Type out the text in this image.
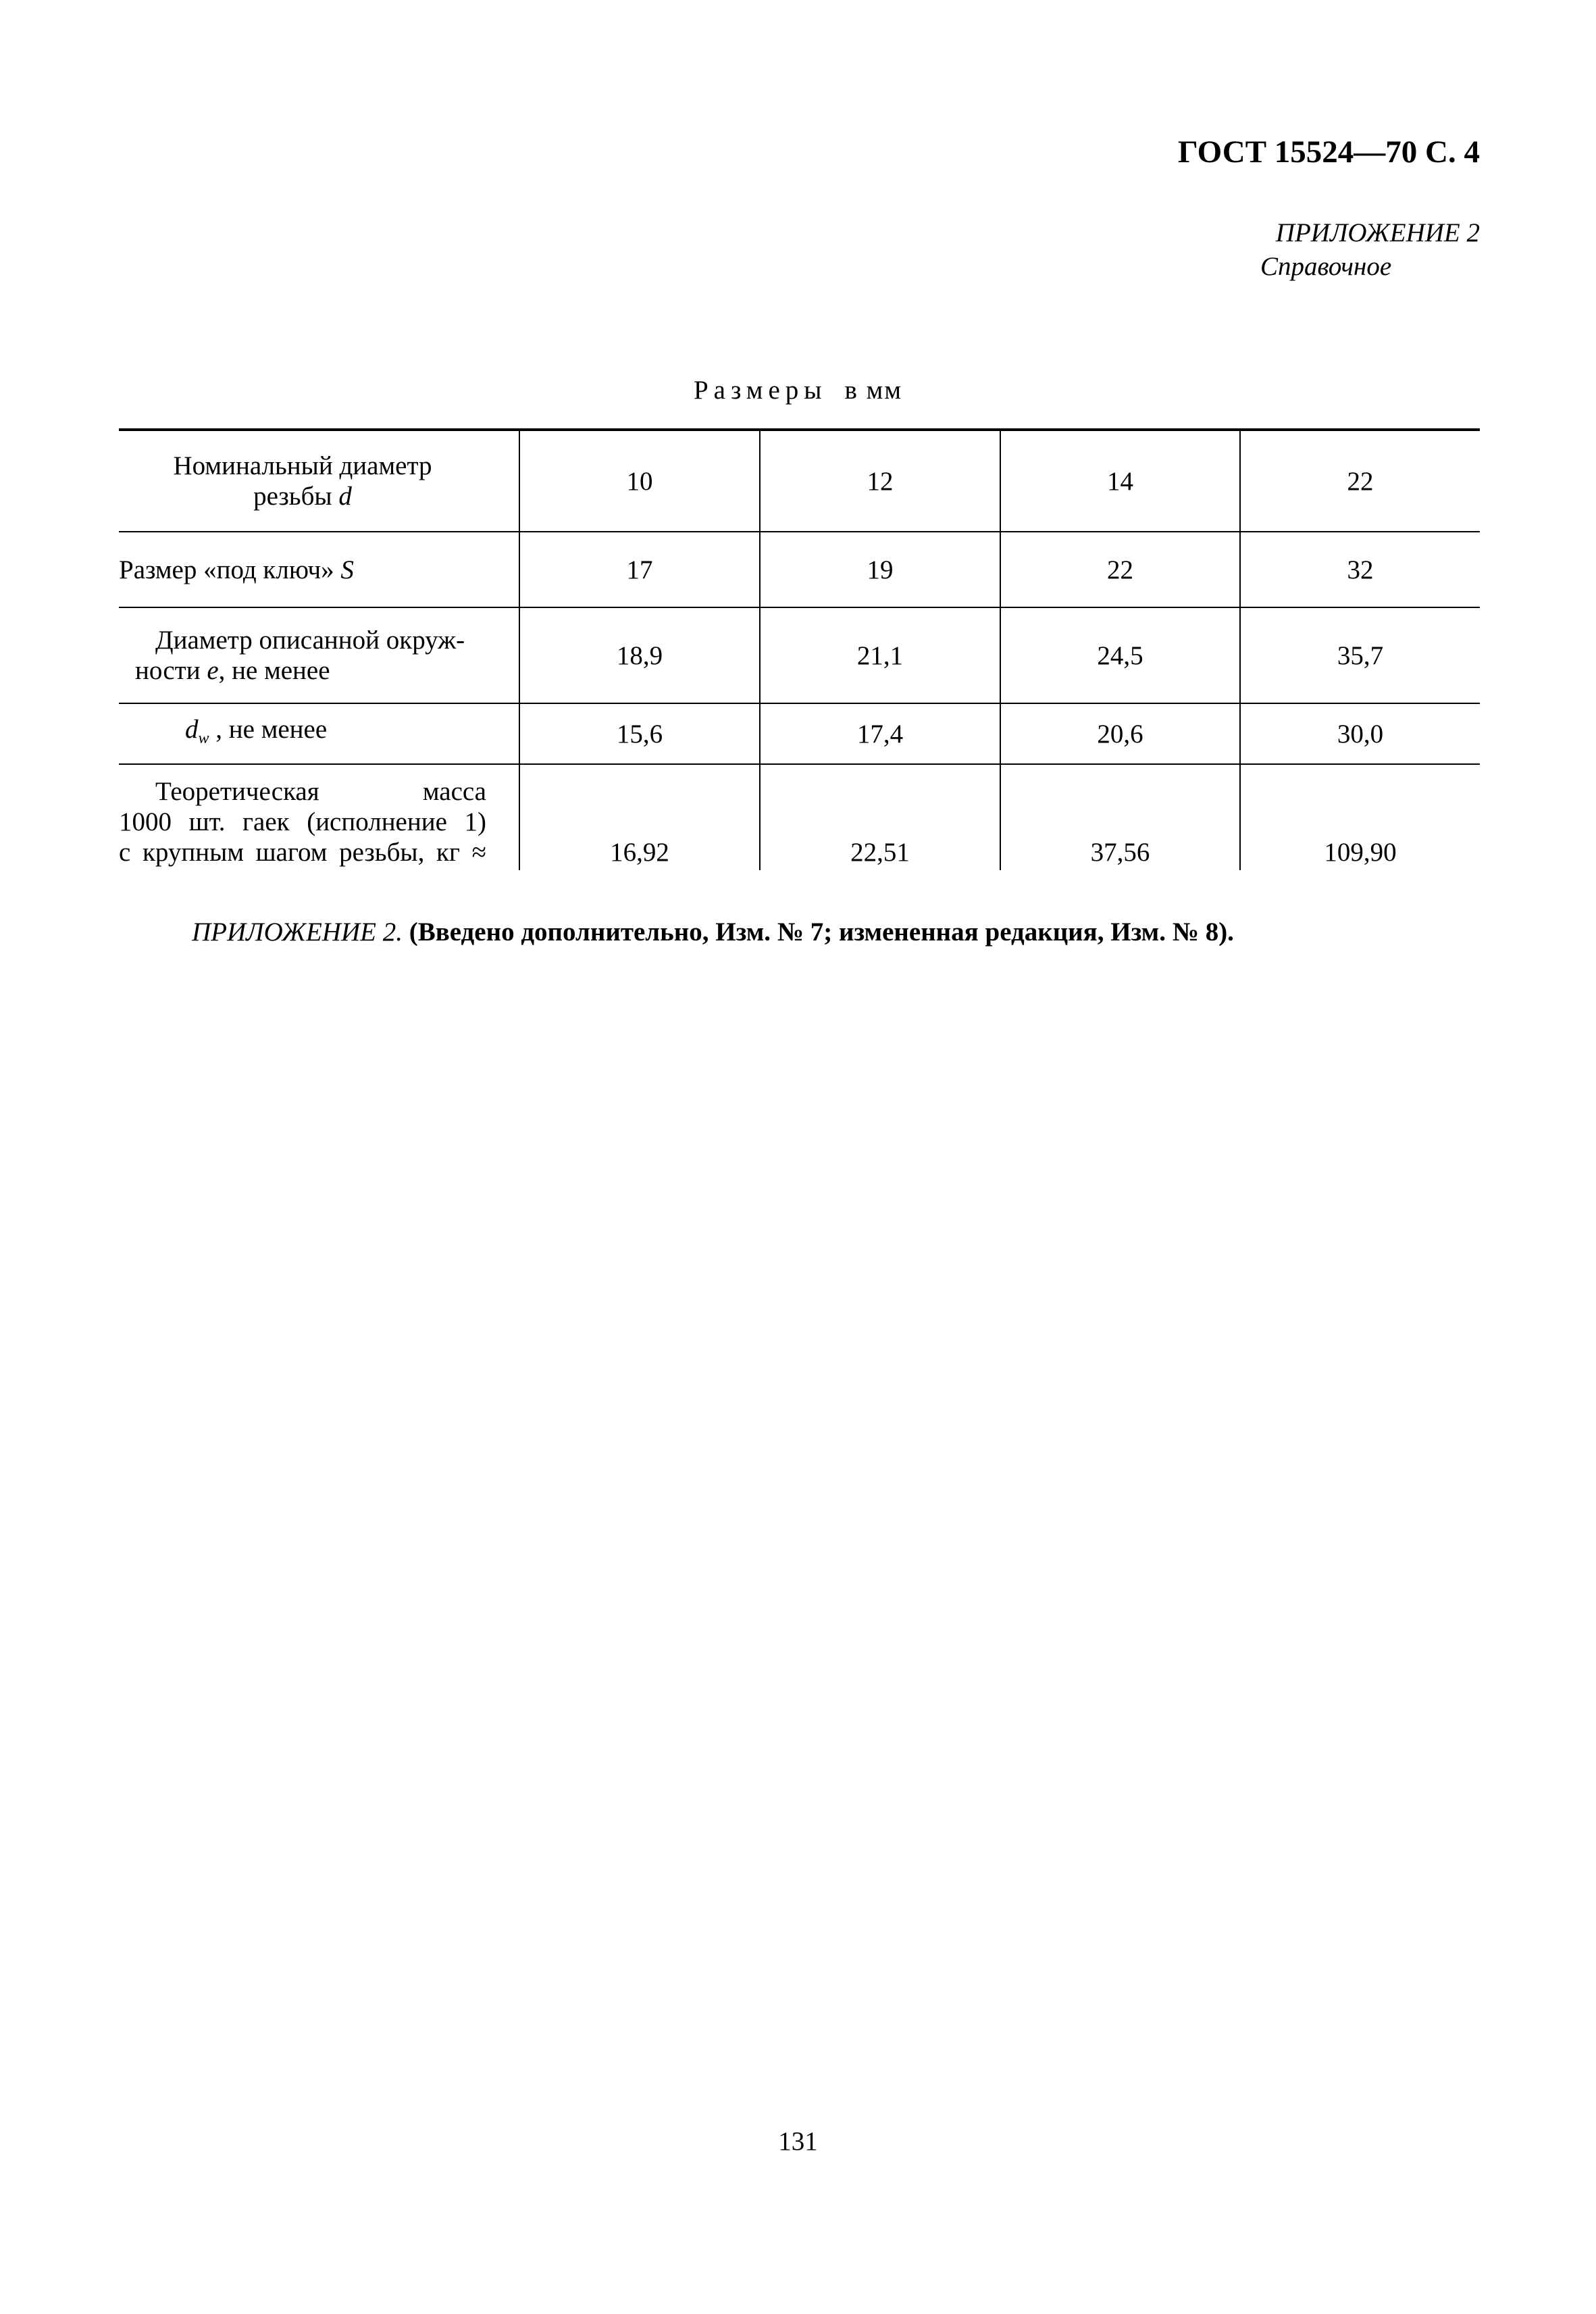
ГОСТ 15524—70 С. 4
ПРИЛОЖЕНИЕ 2
Справочное
Размеры в мм
Номинальный диаметр
резьбы d	10	12	14	22
Размер «под ключ» S	17	19	22	32

Диаметр описанной окруж-
ности e, не менее	18,9	21,1	24,5	35,7
$d_w$ , не менее	15,6	17,4	20,6	30,0

Теоретическая масса
1000 шт. гаек (исполнение 1)
с крупным шагом резьбы, кг ≈	16,92	22,51	37,56	109,90
ПРИЛОЖЕНИЕ 2. (Введено дополнительно, Изм. № 7; измененная редакция, Изм. № 8).
131
